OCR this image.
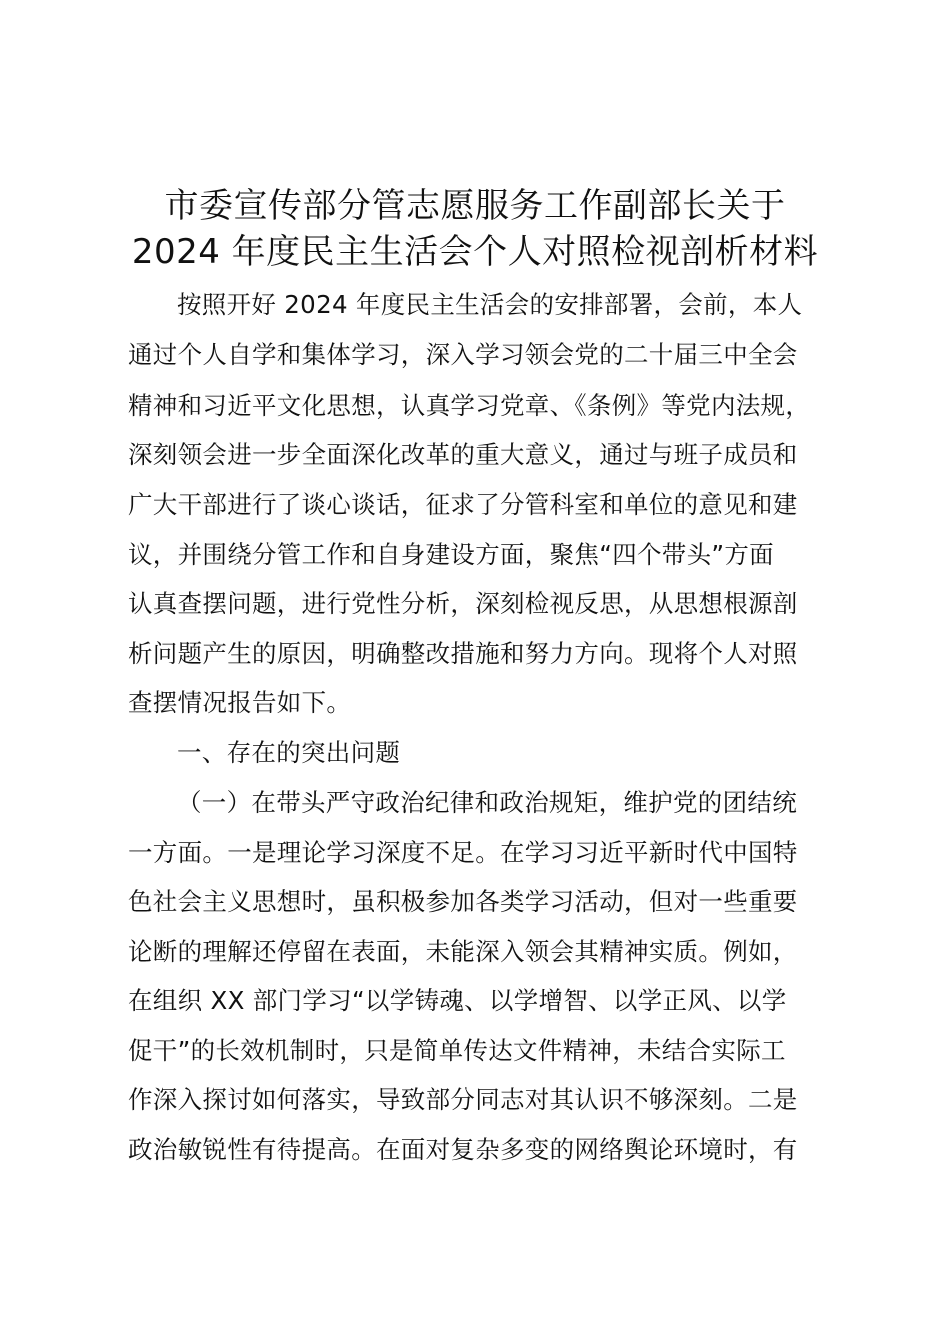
市委宣传部分管志愿服务工作副部长关于
2024 年度民主生活会个人对照检视剖析材料
按照开好 2024 年度民主生活会的安排部署，会前，本人
通过个人自学和集体学习，深入学习领会党的二十届三中全会
精神和习近平文化思想，认真学习党章、《条例》等党内法规，
深刻领会进一步全面深化改革的重大意义，通过与班子成员和
广大干部进行了谈心谈话，征求了分管科室和单位的意见和建
议，并围绕分管工作和自身建设方面，聚焦“四个带头”方面
认真查摆问题，进行党性分析，深刻检视反思，从思想根源剖
析问题产生的原因，明确整改措施和努力方向。现将个人对照
查摆情况报告如下。
一、存在的突出问题
（一）在带头严守政治纪律和政治规矩，维护党的团结统
一方面。一是理论学习深度不足。在学习习近平新时代中国特
色社会主义思想时，虽积极参加各类学习活动，但对一些重要
论断的理解还停留在表面，未能深入领会其精神实质。例如，
在组织 XX 部门学习“以学铸魂、以学增智、以学正风、以学
促干”的长效机制时，只是简单传达文件精神，未结合实际工
作深入探讨如何落实，导致部分同志对其认识不够深刻。二是
政治敏锐性有待提高。在面对复杂多变的网络舆论环境时，有
